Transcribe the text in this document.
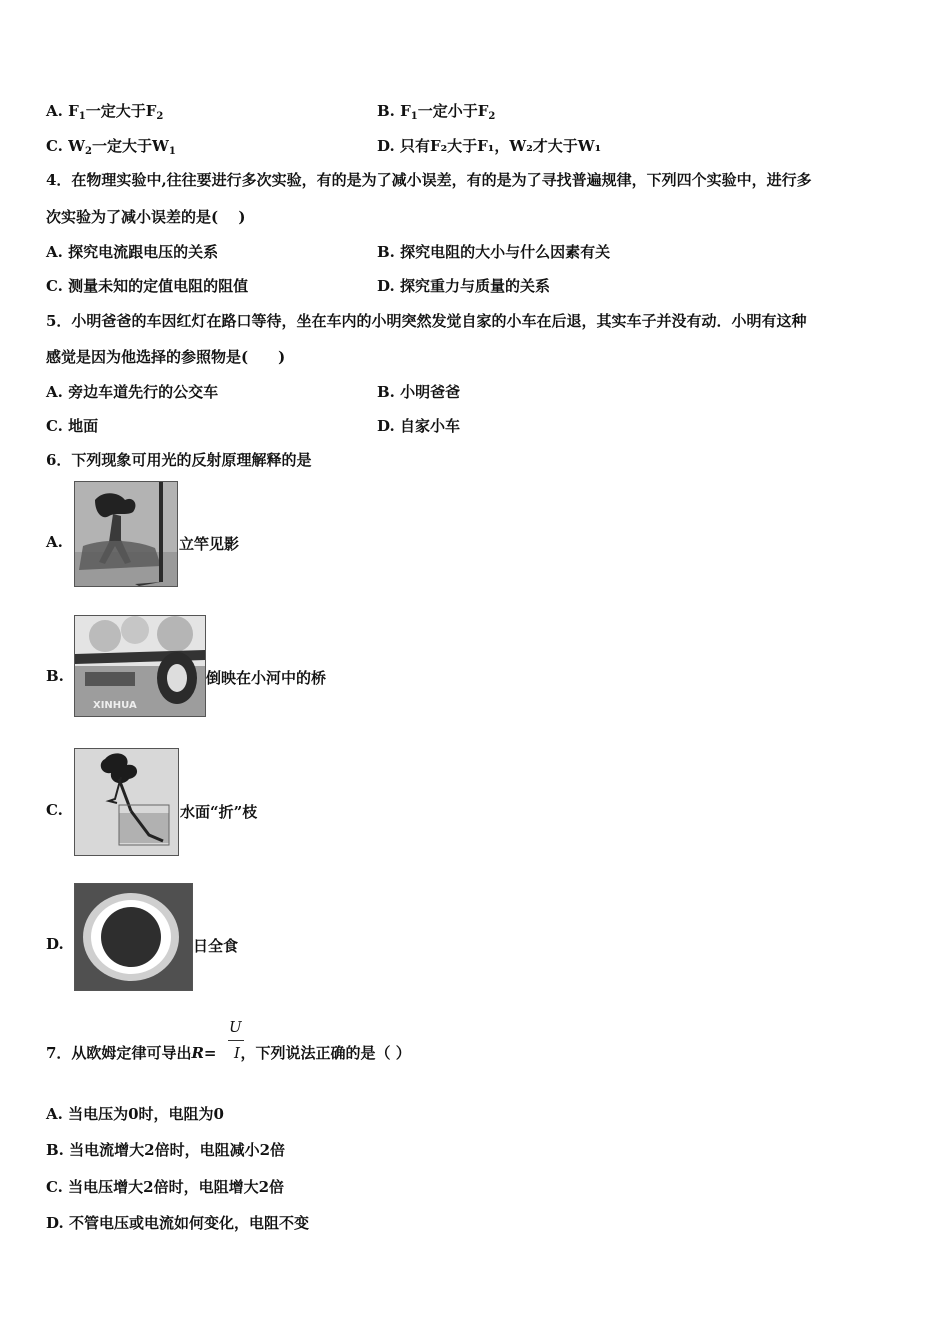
A. $F_1$一定大于$F_2$	B. $F_1$一定小于$F_2$
C. $W_2$一定大于$W_1$	D. 只有F₂大于F₁，W₂才大于W₁
4．在物理实验中,往往要进行多次实验，有的是为了减小误差，有的是为了寻找普遍规律，下列四个实验中，进行多
次实验为了减小误差的是(　 )
A. 探究电流跟电压的关系	B. 探究电阻的大小与什么因素有关
C. 测量未知的定值电阻的阻值	D. 探究重力与质量的关系
5．小明爸爸的车因红灯在路口等待，坐在车内的小明突然发觉自家的小车在后退，其实车子并没有动．小明有这种
感觉是因为他选择的参照物是(　　)
A. 旁边车道先行的公交车	B. 小明爸爸
C. 地面	D. 自家小车
6．下列现象可用光的反射原理解释的是
A.	立竿见影
B.
XINHUA
倒映在小河中的桥
C.	水面“折”枝
D.	日全食
7．从欧姆定律可导出R= ，下列说法正确的是（ ）
U
I
A. 当电压为0时，电阻为0
B. 当电流增大2倍时，电阻减小2倍
C. 当电压增大2倍时，电阻增大2倍
D. 不管电压或电流如何变化，电阻不变
